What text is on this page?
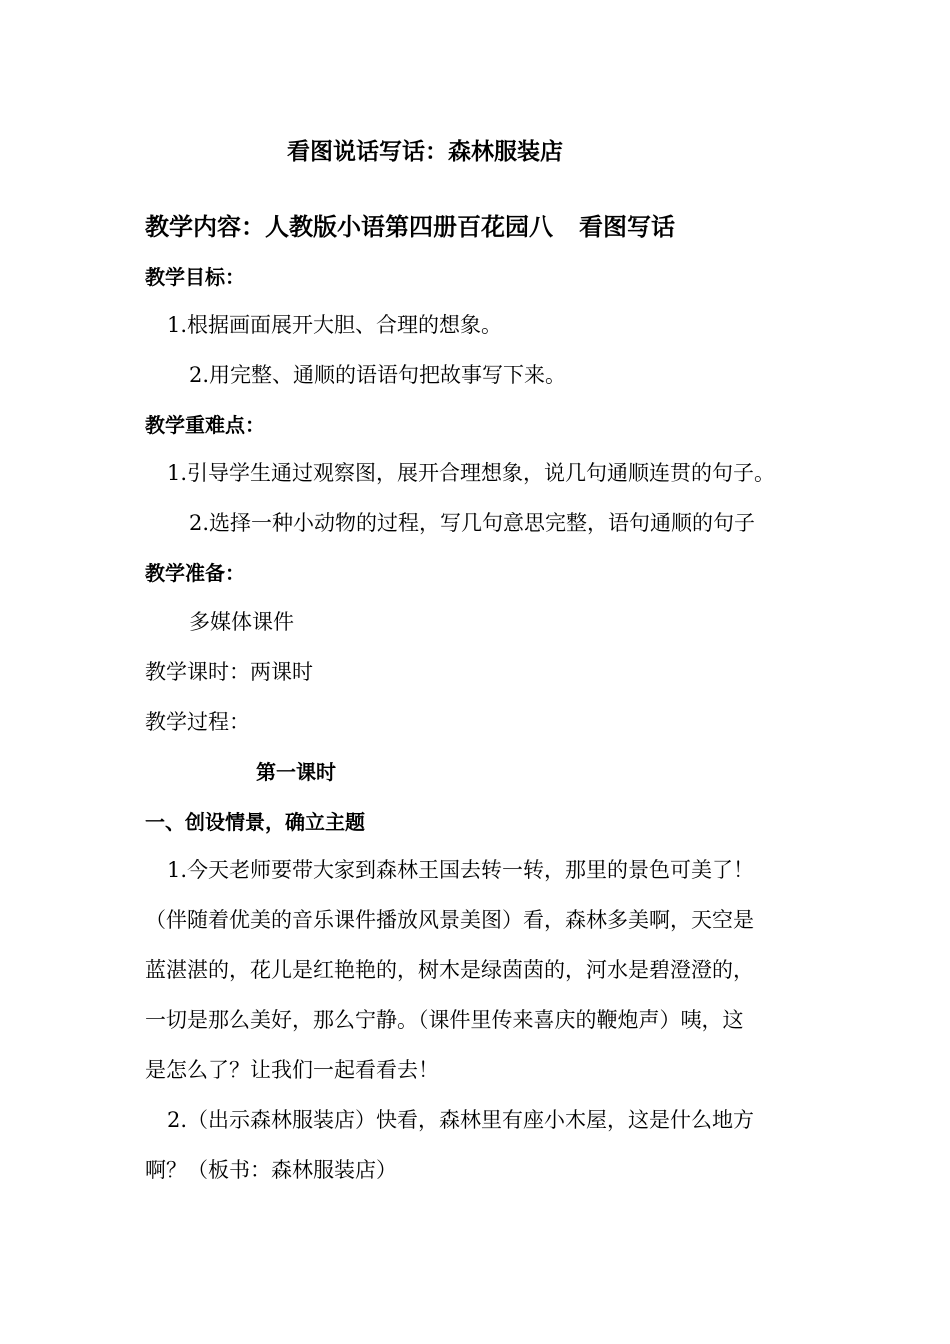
看图说话写话：森林服装店
教学内容：人教版小语第四册百花园八 看图写话
教学目标：
1.根据画面展开大胆、合理的想象。
2.用完整、通顺的语语句把故事写下来。
教学重难点：
1.引导学生通过观察图，展开合理想象，说几句通顺连贯的句子。
2.选择一种小动物的过程，写几句意思完整，语句通顺的句子
教学准备：
多媒体课件
教学课时：两课时
教学过程：
第一课时
一、创设情景，确立主题
1.今天老师要带大家到森林王国去转一转，那里的景色可美了！
（伴随着优美的音乐课件播放风景美图）看，森林多美啊，天空是
蓝湛湛的，花儿是红艳艳的，树木是绿茵茵的，河水是碧澄澄的，
一切是那么美好，那么宁静。（课件里传来喜庆的鞭炮声）咦，这
是怎么了？让我们一起看看去！
2.（出示森林服装店）快看，森林里有座小木屋，这是什么地方
啊？（板书：森林服装店）
